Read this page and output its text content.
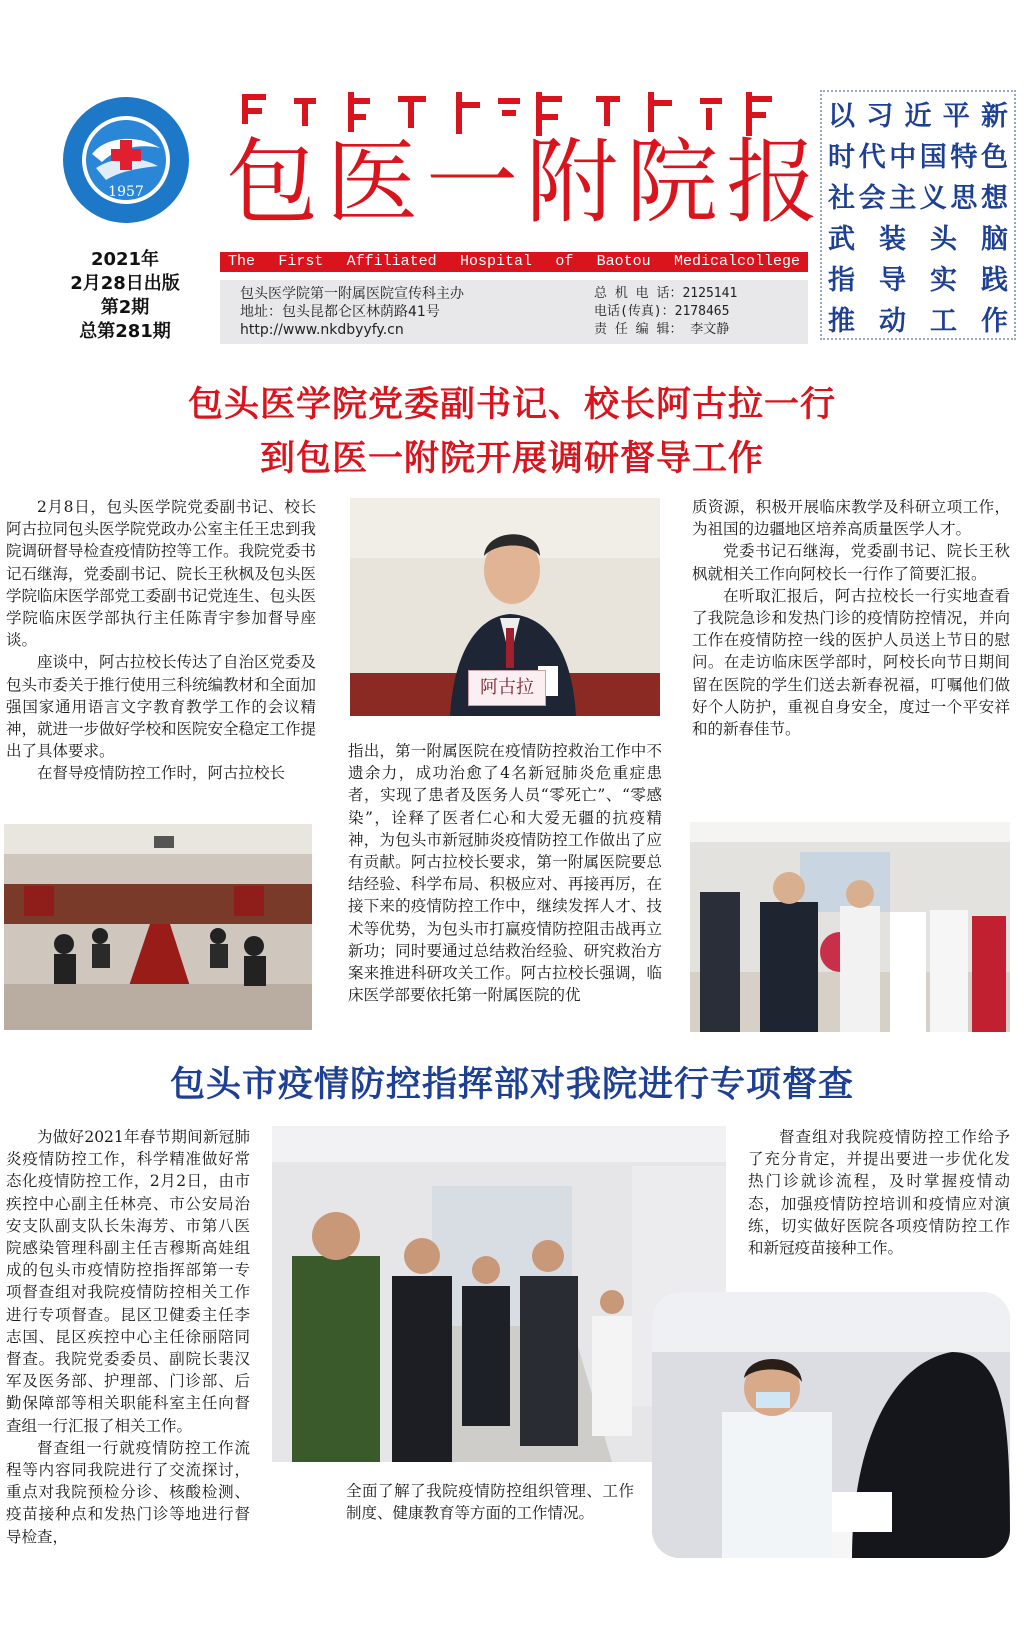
1957
2021年
2月28日出版
第2期
总第281期
包医一附院报
The First Affiliated Hospital of Baotou Medicalcollege
包头医学院第一附属医院宣传科主办
地址：包头昆都仑区林荫路41号
http://www.nkdbyyfy.cn
总 机 电 话：2125141
电话(传真)：2178465
责 任 编 辑： 李文静
以习近平新
时代中国特色
社会主义思想
武 装 头 脑
指 导 实 践
推 动 工 作
包头医学院党委副书记、校长阿古拉一行
到包医一附院开展调研督导工作

2月8日，包头医学院党委副书记、校长阿古拉同包头医学院党政办公室主任王忠到我院调研督导检查疫情防控等工作。我院党委书记石继海，党委副书记、院长王秋枫及包头医学院临床医学部党工委副书记党连生、包头医学院临床医学部执行主任陈青宇参加督导座谈。

座谈中，阿古拉校长传达了自治区党委及包头市委关于推行使用三科统编教材和全面加强国家通用语言文字教育教学工作的会议精神，就进一步做好学校和医院安全稳定工作提出了具体要求。

在督导疫情防控工作时，阿古拉校长

阿古拉

指出，第一附属医院在疫情防控救治工作中不遗余力，成功治愈了4名新冠肺炎危重症患者，实现了患者及医务人员“零死亡”、“零感染”，诠释了医者仁心和大爱无疆的抗疫精神，为包头市新冠肺炎疫情防控工作做出了应有贡献。阿古拉校长要求，第一附属医院要总结经验、科学布局、积极应对、再接再厉，在接下来的疫情防控工作中，继续发挥人才、技术等优势，为包头市打赢疫情防控阻击战再立新功；同时要通过总结救治经验、研究救治方案来推进科研攻关工作。阿古拉校长强调，临床医学部要依托第一附属医院的优

质资源，积极开展临床教学及科研立项工作，为祖国的边疆地区培养高质量医学人才。

党委书记石继海，党委副书记、院长王秋枫就相关工作向阿校长一行作了简要汇报。

在听取汇报后，阿古拉校长一行实地查看了我院急诊和发热门诊的疫情防控情况，并向工作在疫情防控一线的医护人员送上节日的慰问。在走访临床医学部时，阿校长向节日期间留在医院的学生们送去新春祝福，叮嘱他们做好个人防护，重视自身安全，度过一个平安祥和的新春佳节。

包头市疫情防控指挥部对我院进行专项督查

为做好2021年春节期间新冠肺炎疫情防控工作，科学精准做好常态化疫情防控工作，2月2日，由市疾控中心副主任林亮、市公安局治安支队副支队长朱海芳、市第八医院感染管理科副主任吉穆斯高娃组成的包头市疫情防控指挥部第一专项督查组对我院疫情防控相关工作进行专项督查。昆区卫健委主任李志国、昆区疾控中心主任徐丽陪同督查。我院党委委员、副院长裴汉军及医务部、护理部、门诊部、后勤保障部等相关职能科室主任向督查组一行汇报了相关工作。

督查组一行就疫情防控工作流程等内容同我院进行了交流探讨，重点对我院预检分诊、核酸检测、疫苗接种点和发热门诊等地进行督导检查，

全面了解了我院疫情防控组织管理、工作制度、健康教育等方面的工作情况。

督查组对我院疫情防控工作给予了充分肯定，并提出要进一步优化发热门诊就诊流程，及时掌握疫情动态，加强疫情防控培训和疫情应对演练，切实做好医院各项疫情防控工作和新冠疫苗接种工作。
